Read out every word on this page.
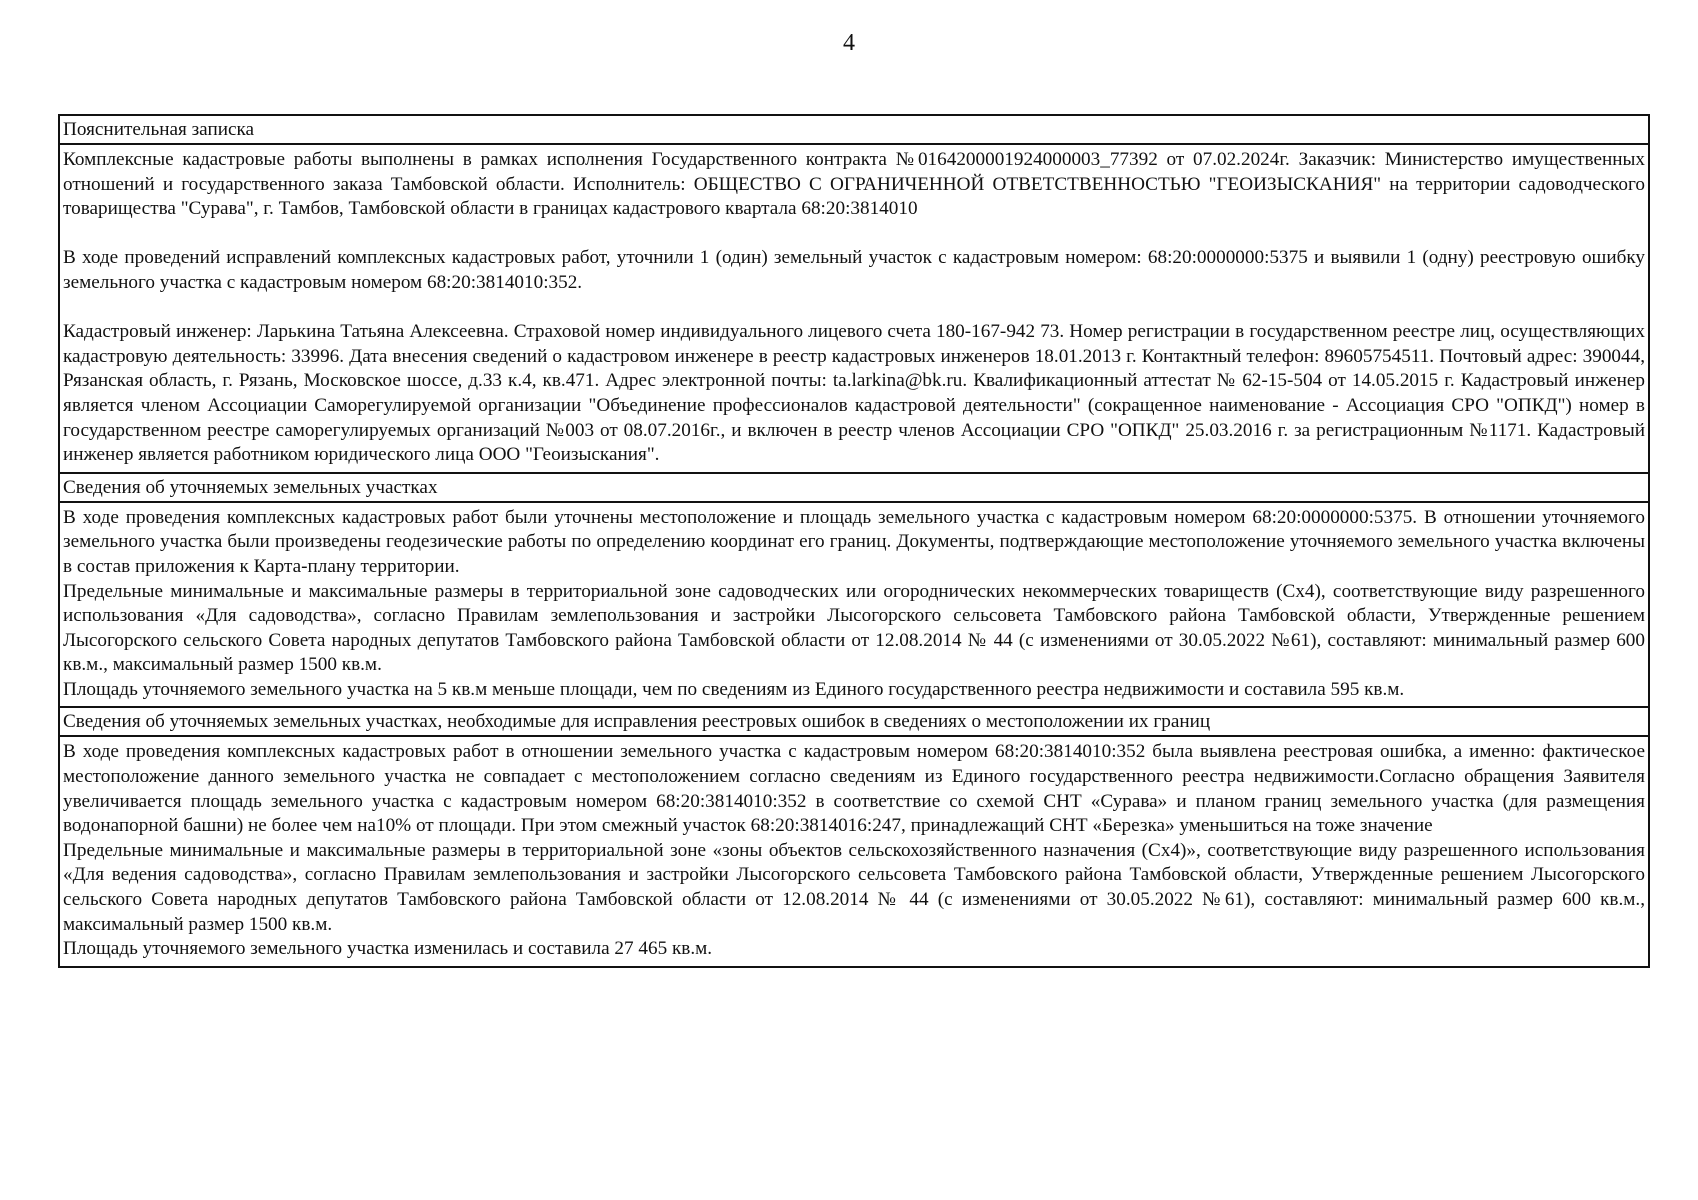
4

Пояснительная записка

Комплексные кадастровые работы выполнены в рамках исполнения Государственного контракта №0164200001924000003_77392 от 07.02.2024г. Заказчик: Министерство имущественных отношений и государственного заказа Тамбовской области. Исполнитель: ОБЩЕСТВО С ОГРАНИЧЕННОЙ ОТВЕТСТВЕННОСТЬЮ "ГЕОИЗЫСКАНИЯ" на территории садоводческого товарищества "Сурава", г. Тамбов, Тамбовской области в границах кадастрового квартала 68:20:3814010

В ходе проведений исправлений комплексных кадастровых работ, уточнили 1 (один) земельный участок с кадастровым номером: 68:20:0000000:5375 и выявили 1 (одну) реестровую ошибку земельного участка с кадастровым номером 68:20:3814010:352.

Кадастровый инженер: Ларькина Татьяна Алексеевна. Страховой номер индивидуального лицевого счета 180-167-942 73. Номер регистрации в государственном реестре лиц, осуществляющих кадастровую деятельность: 33996. Дата внесения сведений о кадастровом инженере в реестр кадастровых инженеров 18.01.2013 г. Контактный телефон: 89605754511. Почтовый адрес: 390044, Рязанская область, г. Рязань, Московское шоссе, д.33 к.4, кв.471. Адрес электронной почты: ta.larkina@bk.ru. Квалификационный аттестат № 62-15-504 от 14.05.2015 г. Кадастровый инженер является членом Ассоциации Саморегулируемой организации "Объединение профессионалов кадастровой деятельности" (сокращенное наименование - Ассоциация СРО "ОПКД") номер в государственном реестре саморегулируемых организаций №003 от 08.07.2016г., и включен в реестр членов Ассоциации СРО "ОПКД" 25.03.2016 г. за регистрационным №1171. Кадастровый инженер является работником юридического лица ООО "Геоизыскания".

Сведения об уточняемых земельных участках

В ходе проведения комплексных кадастровых работ были уточнены местоположение и площадь земельного участка с кадастровым номером 68:20:0000000:5375. В отношении уточняемого земельного участка были произведены геодезические работы по определению координат его границ. Документы, подтверждающие местоположение уточняемого земельного участка включены в состав приложения к Карта-плану территории.

Предельные минимальные и максимальные размеры в территориальной зоне садоводческих или огороднических некоммерческих товариществ (Сх4), соответствующие виду разрешенного использования «Для садоводства», согласно Правилам землепользования и застройки Лысогорского сельсовета Тамбовского района Тамбовской области, Утвержденные решением Лысогорского сельского Совета народных депутатов Тамбовского района Тамбовской области от 12.08.2014 № 44 (с изменениями от 30.05.2022 №61), составляют: минимальный размер 600 кв.м., максимальный размер 1500 кв.м.

Площадь уточняемого земельного участка на 5 кв.м меньше площади, чем по сведениям из Единого государственного реестра недвижимости и составила 595 кв.м.

Сведения об уточняемых земельных участках, необходимые для исправления реестровых ошибок в сведениях о местоположении их границ

В ходе проведения комплексных кадастровых работ в отношении земельного участка с кадастровым номером 68:20:3814010:352 была выявлена реестровая ошибка, а именно: фактическое местоположение данного земельного участка не совпадает с местоположением согласно сведениям из Единого государственного реестра недвижимости.Согласно обращения Заявителя увеличивается площадь земельного участка с кадастровым номером 68:20:3814010:352 в соответствие со схемой СНТ «Сурава» и планом границ земельного участка (для размещения водонапорной башни) не более чем на10% от площади. При этом смежный участок 68:20:3814016:247, принадлежащий СНТ «Березка» уменьшиться на тоже значение

Предельные минимальные и максимальные размеры в территориальной зоне «зоны объектов сельскохозяйственного назначения (Сх4)», соответствующие виду разрешенного использования «Для ведения садоводства», согласно Правилам землепользования и застройки Лысогорского сельсовета Тамбовского района Тамбовской области, Утвержденные решением Лысогорского сельского Совета народных депутатов Тамбовского района Тамбовской области от 12.08.2014 № 44 (с изменениями от 30.05.2022 №61), составляют: минимальный размер 600 кв.м., максимальный размер 1500 кв.м.

Площадь уточняемого земельного участка изменилась и составила 27 465 кв.м.
